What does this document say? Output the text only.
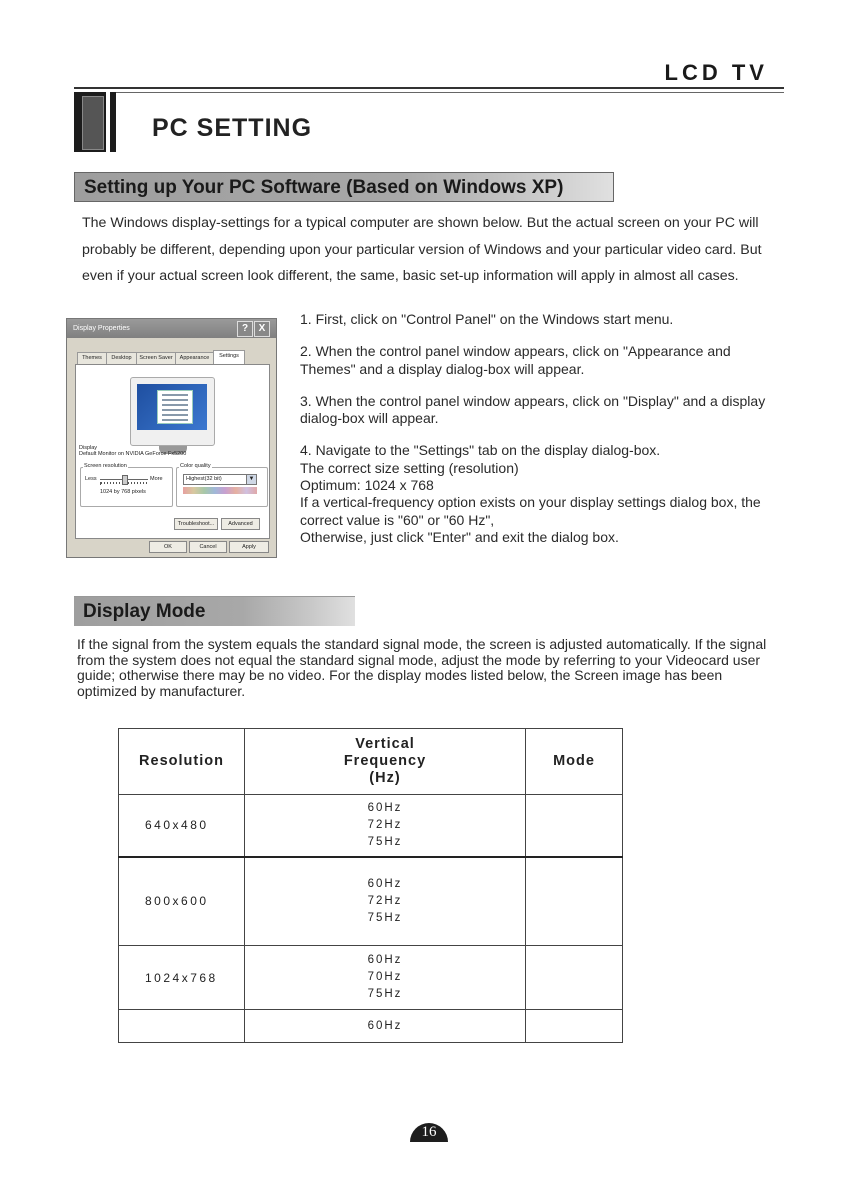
LCD TV
PC SETTING
Setting up Your PC Software (Based on Windows XP)
The Windows display-settings for a typical computer are shown below. But the actual screen on your PC will probably be different, depending upon your particular version of Windows and your particular video card. But even if your actual screen look different, the same, basic set-up information will apply in almost all cases.

1. First, click on "Control Panel" on the Windows start menu.

2. When the control panel window appears, click on "Appearance and Themes" and a display dialog-box will appear.

3. When the control panel window appears, click on "Display" and a display dialog-box will appear.

4. Navigate to the "Settings" tab on the display dialog-box.
The correct size setting (resolution)
Optimum: 1024 x 768
If a vertical-frequency option exists on your display settings dialog box, the correct value is "60" or "60 Hz",
Otherwise, just click "Enter" and exit the dialog box.

Display Properties	?	X
Themes	Desktop	Screen Saver	Appearance	Settings
Display
Default Monitor on NVIDIA GeForce Fx5200
Screen resolution
Less	More
1024 by 768 pixels
Color quality
Highest(32 bit)	▼
Troubleshoot...	Advanced
OK	Cancel	Apply
Display Mode
If the signal from the system equals the standard signal mode, the screen is adjusted automatically. If the signal from the system does not equal the standard signal mode, adjust the mode by referring to your Videocard user guide; otherwise there may be no video. For the display modes listed below, the Screen image has been optimized by manufacturer.
Resolution	Vertical
Frequency
(Hz)	Mode
640x480	60Hz
72Hz
75Hz	

800x600	60Hz
72Hz
75Hz	

1024x768	60Hz
70Hz
75Hz	

	60Hz	

16
